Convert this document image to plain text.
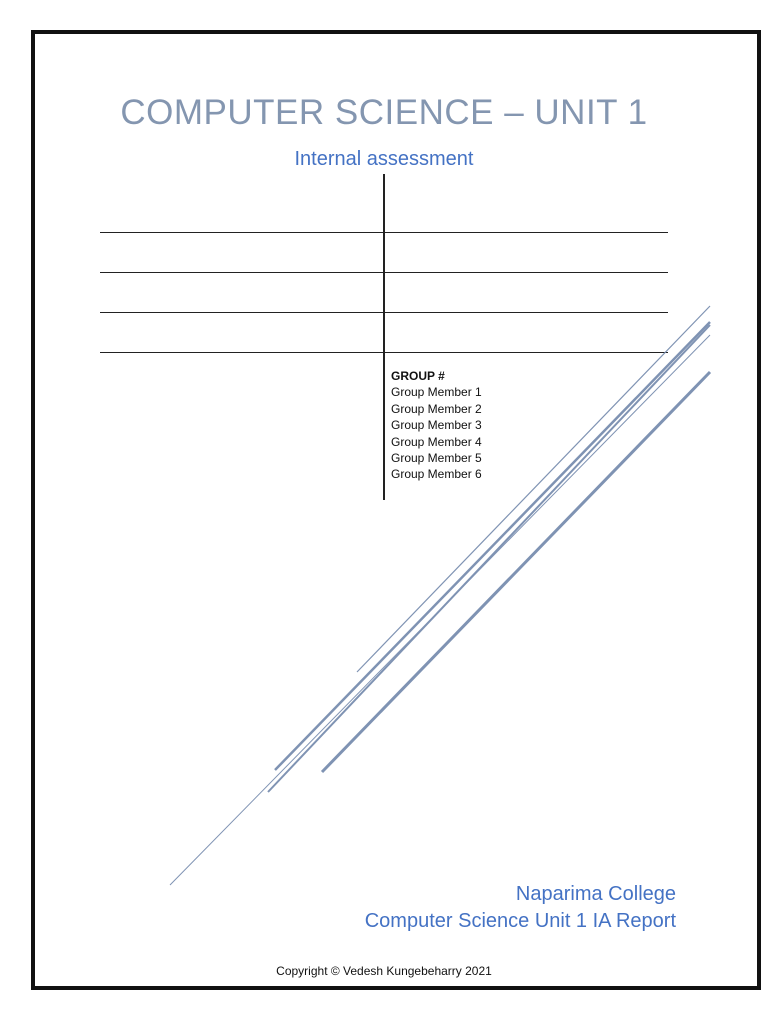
COMPUTER SCIENCE – UNIT 1
Internal assessment
GROUP #
Group Member 1
Group Member 2
Group Member 3
Group Member 4
Group Member 5
Group Member 6
Naparima College
Computer Science Unit 1 IA Report
Copyright © Vedesh Kungebeharry 2021
